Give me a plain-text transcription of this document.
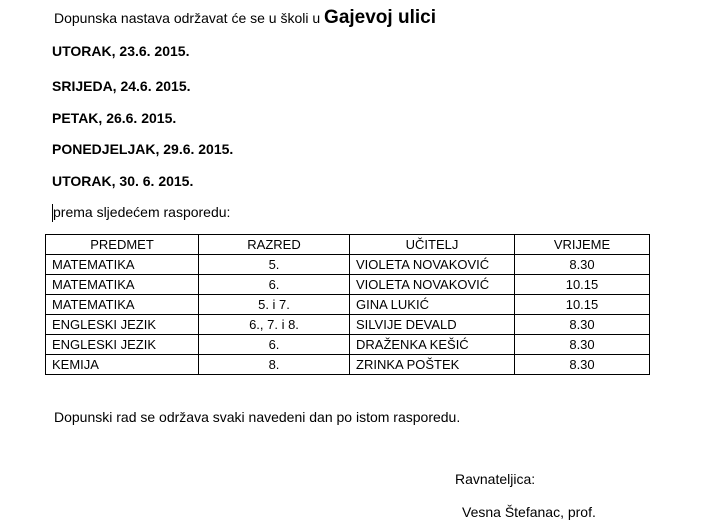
Dopunska nastava održavat će se u školi u Gajevoj ulici
UTORAK, 23.6. 2015.
SRIJEDA, 24.6. 2015.
PETAK, 26.6. 2015.
PONEDJELJAK, 29.6. 2015.
UTORAK, 30. 6. 2015.
prema sljedećem rasporedu:
PREDMET	RAZRED	UČITELJ	VRIJEME
MATEMATIKA	5.	VIOLETA NOVAKOVIĆ	8.30
MATEMATIKA	6.	VIOLETA NOVAKOVIĆ	10.15
MATEMATIKA	5. i 7.	GINA LUKIĆ	10.15
ENGLESKI JEZIK	6., 7. i 8.	SILVIJE DEVALD	8.30
ENGLESKI JEZIK	6.	DRAŽENKA KEŠIĆ	8.30
KEMIJA	8.	ZRINKA POŠTEK	8.30
Dopunski rad se održava svaki navedeni dan po istom rasporedu.
Ravnateljica:
Vesna Štefanac, prof.
